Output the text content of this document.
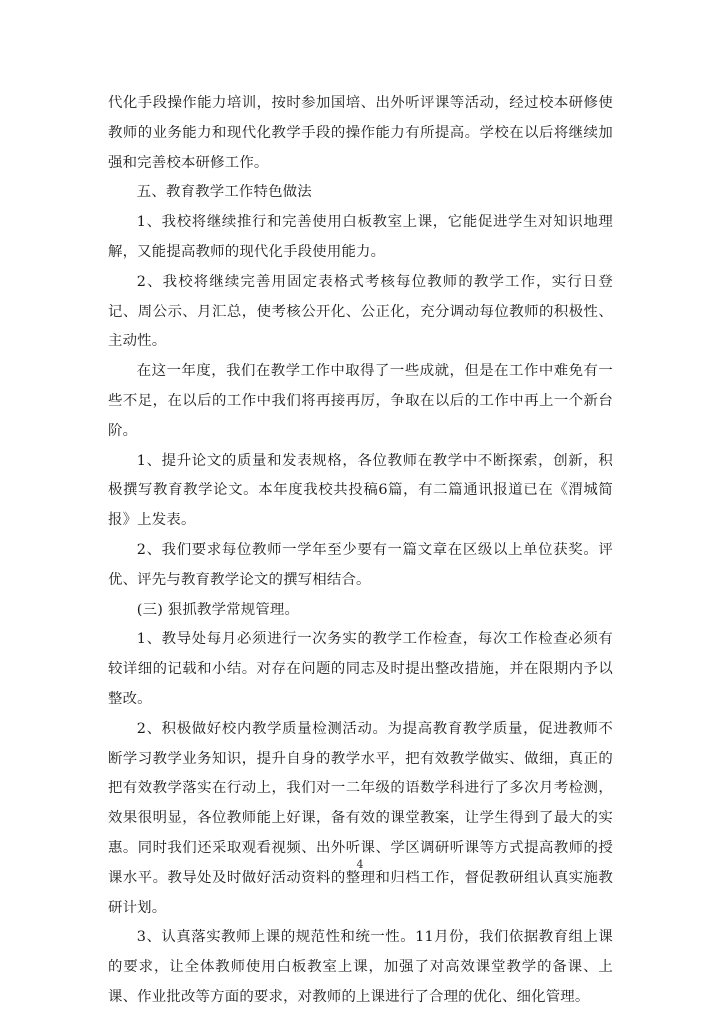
代化手段操作能力培训，按时参加国培、出外听评课等活动，经过校本研修使教师的业务能力和现代化教学手段的操作能力有所提高。学校在以后将继续加强和完善校本研修工作。

五、教育教学工作特色做法

1、我校将继续推行和完善使用白板教室上课，它能促进学生对知识地理解，又能提高教师的现代化手段使用能力。

2、我校将继续完善用固定表格式考核每位教师的教学工作，实行日登记、周公示、月汇总，使考核公开化、公正化，充分调动每位教师的积极性、主动性。

在这一年度，我们在教学工作中取得了一些成就，但是在工作中难免有一些不足，在以后的工作中我们将再接再厉，争取在以后的工作中再上一个新台阶。

1、提升论文的质量和发表规格，各位教师在教学中不断探索，创新，积极撰写教育教学论文。本年度我校共投稿6篇，有二篇通讯报道已在《渭城简报》上发表。

2、我们要求每位教师一学年至少要有一篇文章在区级以上单位获奖。评优、评先与教育教学论文的撰写相结合。

(三) 狠抓教学常规管理。

1、教导处每月必须进行一次务实的教学工作检查，每次工作检查必须有较详细的记载和小结。对存在问题的同志及时提出整改措施，并在限期内予以整改。

2、积极做好校内教学质量检测活动。为提高教育教学质量，促进教师不断学习教学业务知识，提升自身的教学水平，把有效教学做实、做细，真正的把有效教学落实在行动上，我们对一二年级的语数学科进行了多次月考检测，效果很明显，各位教师能上好课，备有效的课堂教案，让学生得到了最大的实惠。同时我们还采取观看视频、出外听课、学区调研听课等方式提高教师的授课水平。教导处及时做好活动资料的整理和归档工作，督促教研组认真实施教研计划。

3、认真落实教师上课的规范性和统一性。11月份，我们依据教育组上课的要求，让全体教师使用白板教室上课，加强了对高效课堂教学的备课、上课、作业批改等方面的要求，对教师的上课进行了合理的优化、细化管理。

4
